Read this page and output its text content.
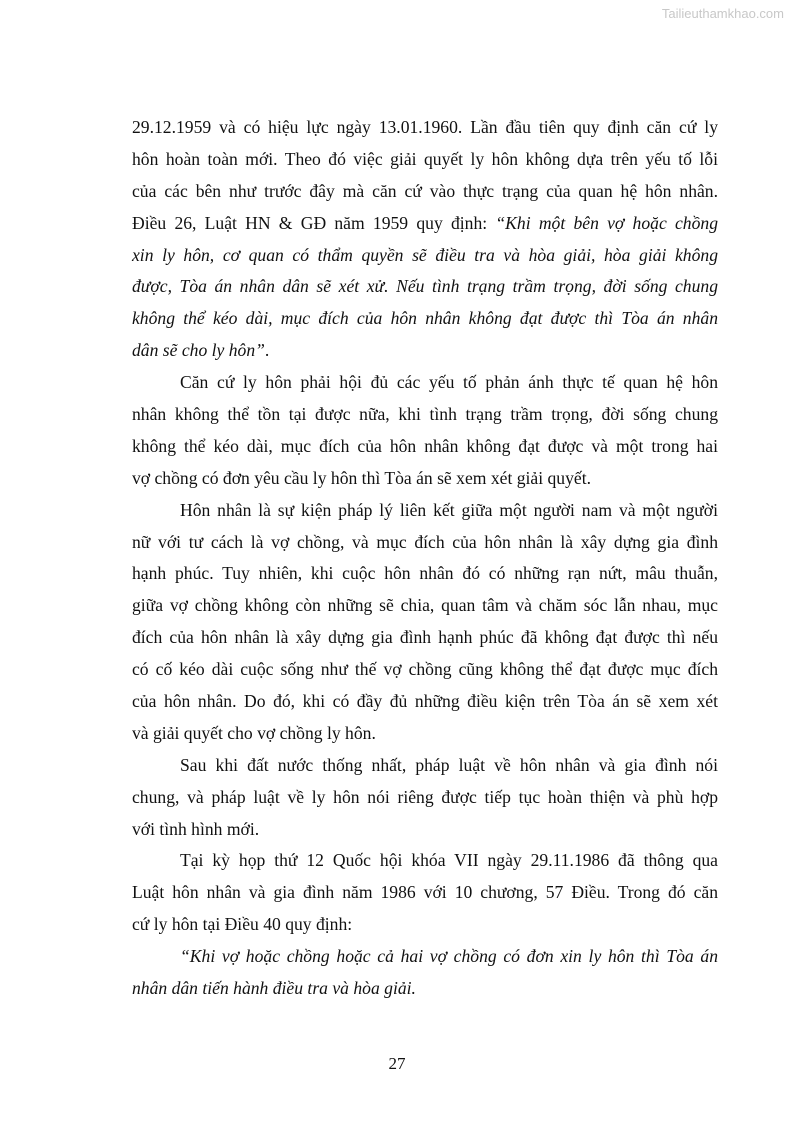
Tailieuthamkhao.com
29.12.1959 và có hiệu lực ngày 13.01.1960. Lần đầu tiên quy định căn cứ ly
hôn hoàn toàn mới. Theo đó việc giải quyết ly hôn không dựa trên yếu tố lỗi
của các bên như trước đây mà căn cứ vào thực trạng của quan hệ hôn nhân.
Điều 26, Luật HN & GĐ năm 1959 quy định: “Khi một bên vợ hoặc chồng
xin ly hôn, cơ quan có thẩm quyền sẽ điều tra và hòa giải, hòa giải không
được, Tòa án nhân dân sẽ xét xử. Nếu tình trạng trầm trọng, đời sống chung
không thể kéo dài, mục đích của hôn nhân không đạt được thì Tòa án nhân
dân sẽ cho ly hôn”.
Căn cứ ly hôn phải hội đủ các yếu tố phản ánh thực tế quan hệ hôn
nhân không thể tồn tại được nữa, khi tình trạng trầm trọng, đời sống chung
không thể kéo dài, mục đích của hôn nhân không đạt được và một trong hai
vợ chồng có đơn yêu cầu ly hôn thì Tòa án sẽ xem xét giải quyết.
Hôn nhân là sự kiện pháp lý liên kết giữa một người nam và một người
nữ với tư cách là vợ chồng, và mục đích của hôn nhân là xây dựng gia đình
hạnh phúc. Tuy nhiên, khi cuộc hôn nhân đó có những rạn nứt, mâu thuẫn,
giữa vợ chồng không còn những sẽ chia, quan tâm và chăm sóc lẫn nhau, mục
đích của hôn nhân là xây dựng gia đình hạnh phúc đã không đạt được thì nếu
có cố kéo dài cuộc sống như thế vợ chồng cũng không thể đạt được mục đích
của hôn nhân. Do đó, khi có đầy đủ những điều kiện trên Tòa án sẽ xem xét
và giải quyết cho vợ chồng ly hôn.
Sau khi đất nước thống nhất, pháp luật về hôn nhân và gia đình nói
chung, và pháp luật về ly hôn nói riêng được tiếp tục hoàn thiện và phù hợp
với tình hình mới.
Tại kỳ họp thứ 12 Quốc hội khóa VII ngày 29.11.1986 đã thông qua
Luật hôn nhân và gia đình năm 1986 với 10 chương, 57 Điều. Trong đó căn
cứ ly hôn tại Điều 40 quy định:
“Khi vợ hoặc chồng hoặc cả hai vợ chồng có đơn xin ly hôn thì Tòa án
nhân dân tiến hành điều tra và hòa giải.
27
